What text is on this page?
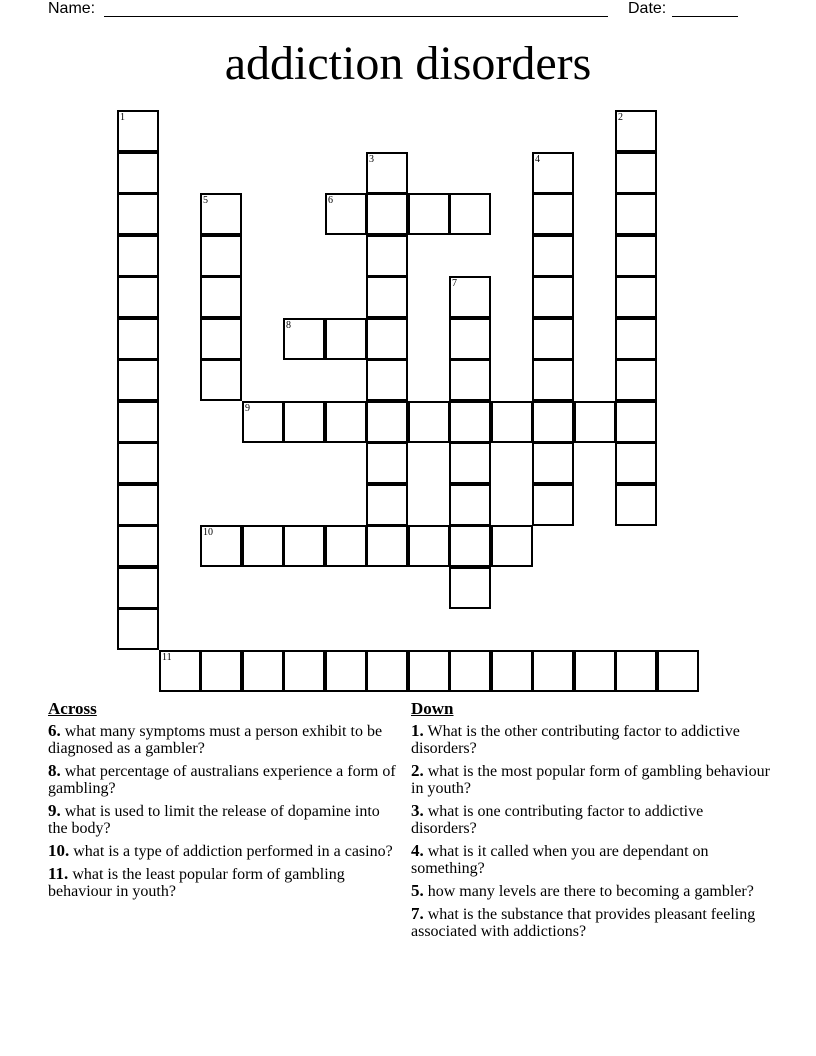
Name:	Date:
addiction disorders
1	2
3	4
5	6
7
8
9
10
11
Across
6. what many symptoms must a person exhibit to be diagnosed as a gambler?
8. what percentage of australians experience a form of gambling?
9. what is used to limit the release of dopamine into the body?
10. what is a type of addiction performed in a casino?
11. what is the least popular form of gambling behaviour in youth?
Down
1. What is the other contributing factor to addictive disorders?
2. what is the most popular form of gambling behaviour in youth?
3. what is one contributing factor to addictive disorders?
4. what is it called when you are dependant on something?
5. how many levels are there to becoming a gambler?
7. what is the substance that provides pleasant feeling associated with addictions?
